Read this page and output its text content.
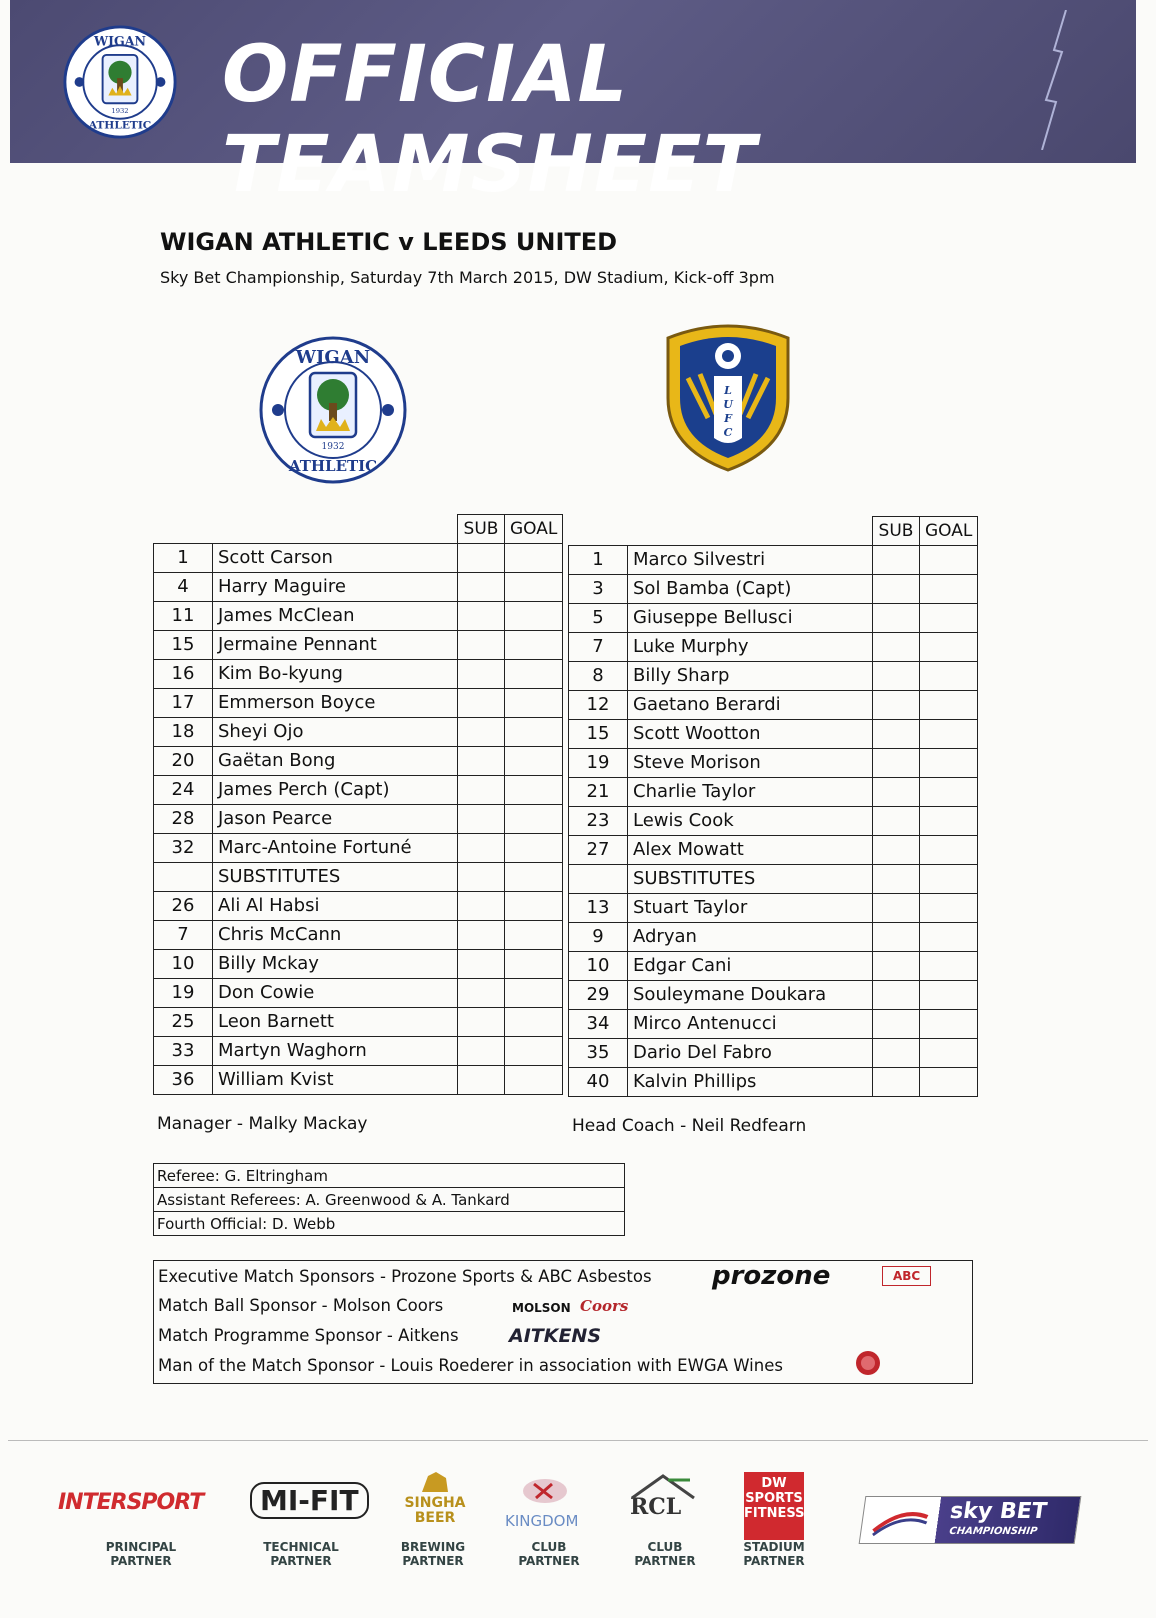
WIGAN
ATHLETIC
1932 OFFICIAL TEAMSHEET
WIGAN ATHLETIC v LEEDS UNITED
Sky Bet Championship, Saturday 7th March 2015, DW Stadium, Kick-off 3pm
WIGAN
ATHLETIC
1932
L
U
F
C
		SUB	GOAL
1	Scott Carson		
4	Harry Maguire		
11	James McClean		
15	Jermaine Pennant		
16	Kim Bo-kyung		
17	Emmerson Boyce		
18	Sheyi Ojo		
20	Gaëtan Bong		
24	James Perch (Capt)		
28	Jason Pearce		
32	Marc-Antoine Fortuné		
	SUBSTITUTES		
26	Ali Al Habsi		
7	Chris McCann		
10	Billy Mckay		
19	Don Cowie		
25	Leon Barnett		
33	Martyn Waghorn		
36	William Kvist		
		SUB	GOAL
1	Marco Silvestri		
3	Sol Bamba (Capt)		
5	Giuseppe Bellusci		
7	Luke Murphy		
8	Billy Sharp		
12	Gaetano Berardi		
15	Scott Wootton		
19	Steve Morison		
21	Charlie Taylor		
23	Lewis Cook		
27	Alex Mowatt		
	SUBSTITUTES		
13	Stuart Taylor		
9	Adryan		
10	Edgar Cani		
29	Souleymane Doukara		
34	Mirco Antenucci		
35	Dario Del Fabro		
40	Kalvin Phillips		
Manager - Malky Mackay	Head Coach - Neil Redfearn
Referee: G. Eltringham
Assistant Referees: A. Greenwood & A. Tankard
Fourth Official: D. Webb
Executive Match Sponsors - Prozone Sports & ABC Asbestos
Match Ball Sponsor - Molson Coors
Match Programme Sponsor - Aitkens
Man of the Match Sponsor - Louis Roederer in association with EWGA Wines
prozone	ABC
MOLSON Coors
AITKENS
INTERSPORT	MI-FIT	SINGHA
BEER	KINGDOM
RCL
DW
SPORTS
FITNESS	sky BET
CHAMPIONSHIP
PRINCIPAL
PARTNER
TECHNICAL
PARTNER
BREWING
PARTNER
CLUB
PARTNER
CLUB
PARTNER
STADIUM
PARTNER
